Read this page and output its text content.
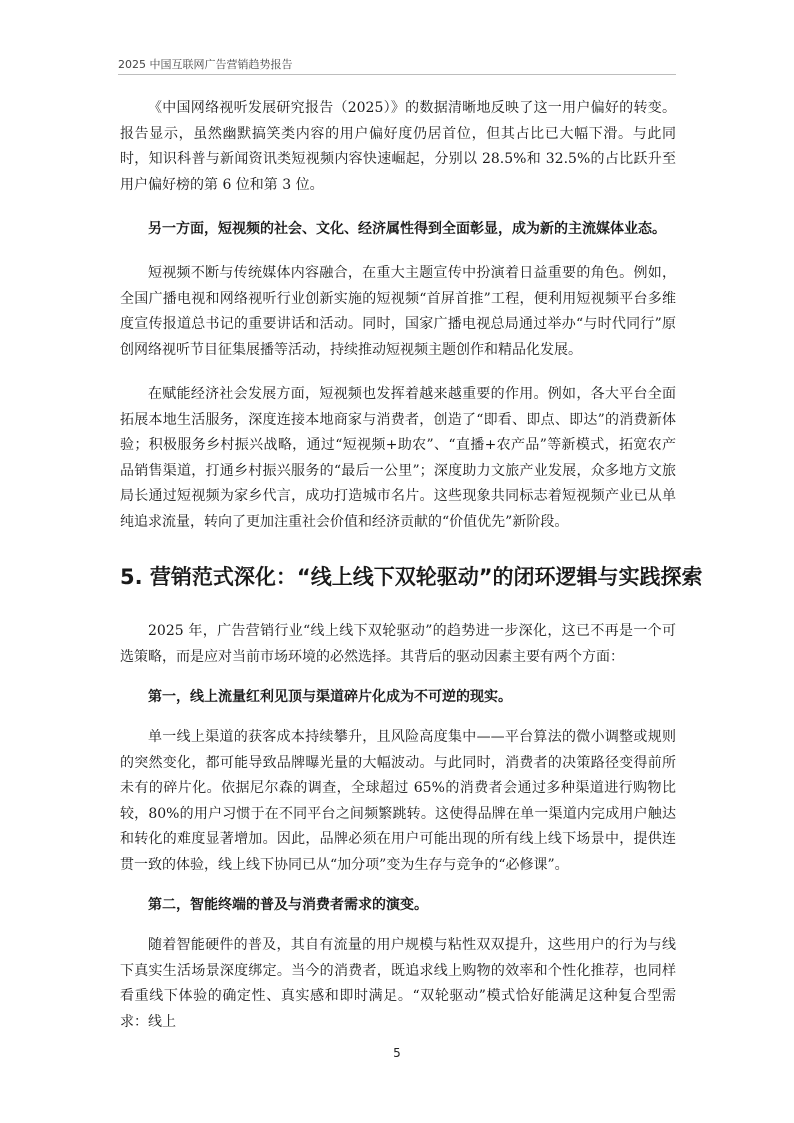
2025 中国互联网广告营销趋势报告

《中国网络视听发展研究报告（2025）》的数据清晰地反映了这一用户偏好的转变。报告显示，虽然幽默搞笑类内容的用户偏好度仍居首位，但其占比已大幅下滑。与此同时，知识科普与新闻资讯类短视频内容快速崛起，分别以 28.5%和 32.5%的占比跃升至用户偏好榜的第 6 位和第 3 位。

另一方面，短视频的社会、文化、经济属性得到全面彰显，成为新的主流媒体业态。

短视频不断与传统媒体内容融合，在重大主题宣传中扮演着日益重要的角色。例如，全国广播电视和网络视听行业创新实施的短视频“首屏首推”工程，便利用短视频平台多维度宣传报道总书记的重要讲话和活动。同时，国家广播电视总局通过举办“与时代同行”原创网络视听节目征集展播等活动，持续推动短视频主题创作和精品化发展。

在赋能经济社会发展方面，短视频也发挥着越来越重要的作用。例如，各大平台全面拓展本地生活服务，深度连接本地商家与消费者，创造了“即看、即点、即达”的消费新体验；积极服务乡村振兴战略，通过“短视频+助农”、“直播+农产品”等新模式，拓宽农产品销售渠道，打通乡村振兴服务的“最后一公里”；深度助力文旅产业发展，众多地方文旅局长通过短视频为家乡代言，成功打造城市名片。这些现象共同标志着短视频产业已从单纯追求流量，转向了更加注重社会价值和经济贡献的“价值优先”新阶段。

5. 营销范式深化：“线上线下双轮驱动”的闭环逻辑与实践探索

2025 年，广告营销行业“线上线下双轮驱动”的趋势进一步深化，这已不再是一个可选策略，而是应对当前市场环境的必然选择。其背后的驱动因素主要有两个方面：

第一，线上流量红利见顶与渠道碎片化成为不可逆的现实。

单一线上渠道的获客成本持续攀升，且风险高度集中——平台算法的微小调整或规则的突然变化，都可能导致品牌曝光量的大幅波动。与此同时，消费者的决策路径变得前所未有的碎片化。依据尼尔森的调查，全球超过 65%的消费者会通过多种渠道进行购物比较，80%的用户习惯于在不同平台之间频繁跳转。这使得品牌在单一渠道内完成用户触达和转化的难度显著增加。因此，品牌必须在用户可能出现的所有线上线下场景中，提供连贯一致的体验，线上线下协同已从“加分项”变为生存与竞争的“必修课”。

第二，智能终端的普及与消费者需求的演变。

随着智能硬件的普及，其自有流量的用户规模与粘性双双提升，这些用户的行为与线下真实生活场景深度绑定。当今的消费者，既追求线上购物的效率和个性化推荐，也同样看重线下体验的确定性、真实感和即时满足。“双轮驱动”模式恰好能满足这种复合型需求：线上

5
